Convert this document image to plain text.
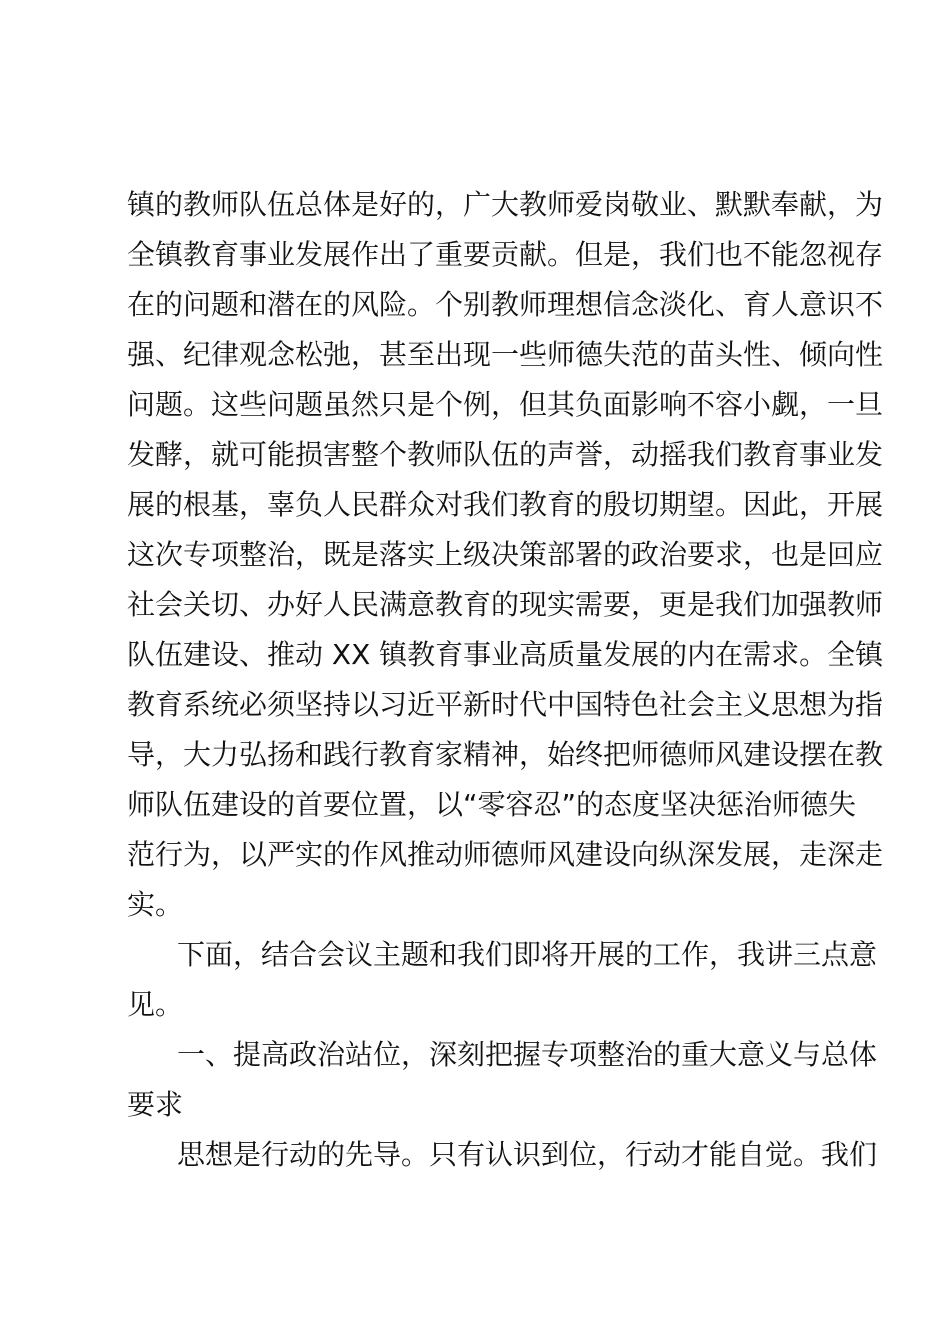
镇的教师队伍总体是好的，广大教师爱岗敬业、默默奉献，为
全镇教育事业发展作出了重要贡献。但是，我们也不能忽视存
在的问题和潜在的风险。个别教师理想信念淡化、育人意识不
强、纪律观念松弛，甚至出现一些师德失范的苗头性、倾向性
问题。这些问题虽然只是个例，但其负面影响不容小觑，一旦
发酵，就可能损害整个教师队伍的声誉，动摇我们教育事业发
展的根基，辜负人民群众对我们教育的殷切期望。因此，开展
这次专项整治，既是落实上级决策部署的政治要求，也是回应
社会关切、办好人民满意教育的现实需要，更是我们加强教师
队伍建设、推动 XX 镇教育事业高质量发展的内在需求。全镇
教育系统必须坚持以习近平新时代中国特色社会主义思想为指
导，大力弘扬和践行教育家精神，始终把师德师风建设摆在教
师队伍建设的首要位置，以“零容忍”的态度坚决惩治师德失
范行为，以严实的作风推动师德师风建设向纵深发展，走深走
实。
下面，结合会议主题和我们即将开展的工作，我讲三点意
见。
一、提高政治站位，深刻把握专项整治的重大意义与总体
要求
思想是行动的先导。只有认识到位，行动才能自觉。我们
